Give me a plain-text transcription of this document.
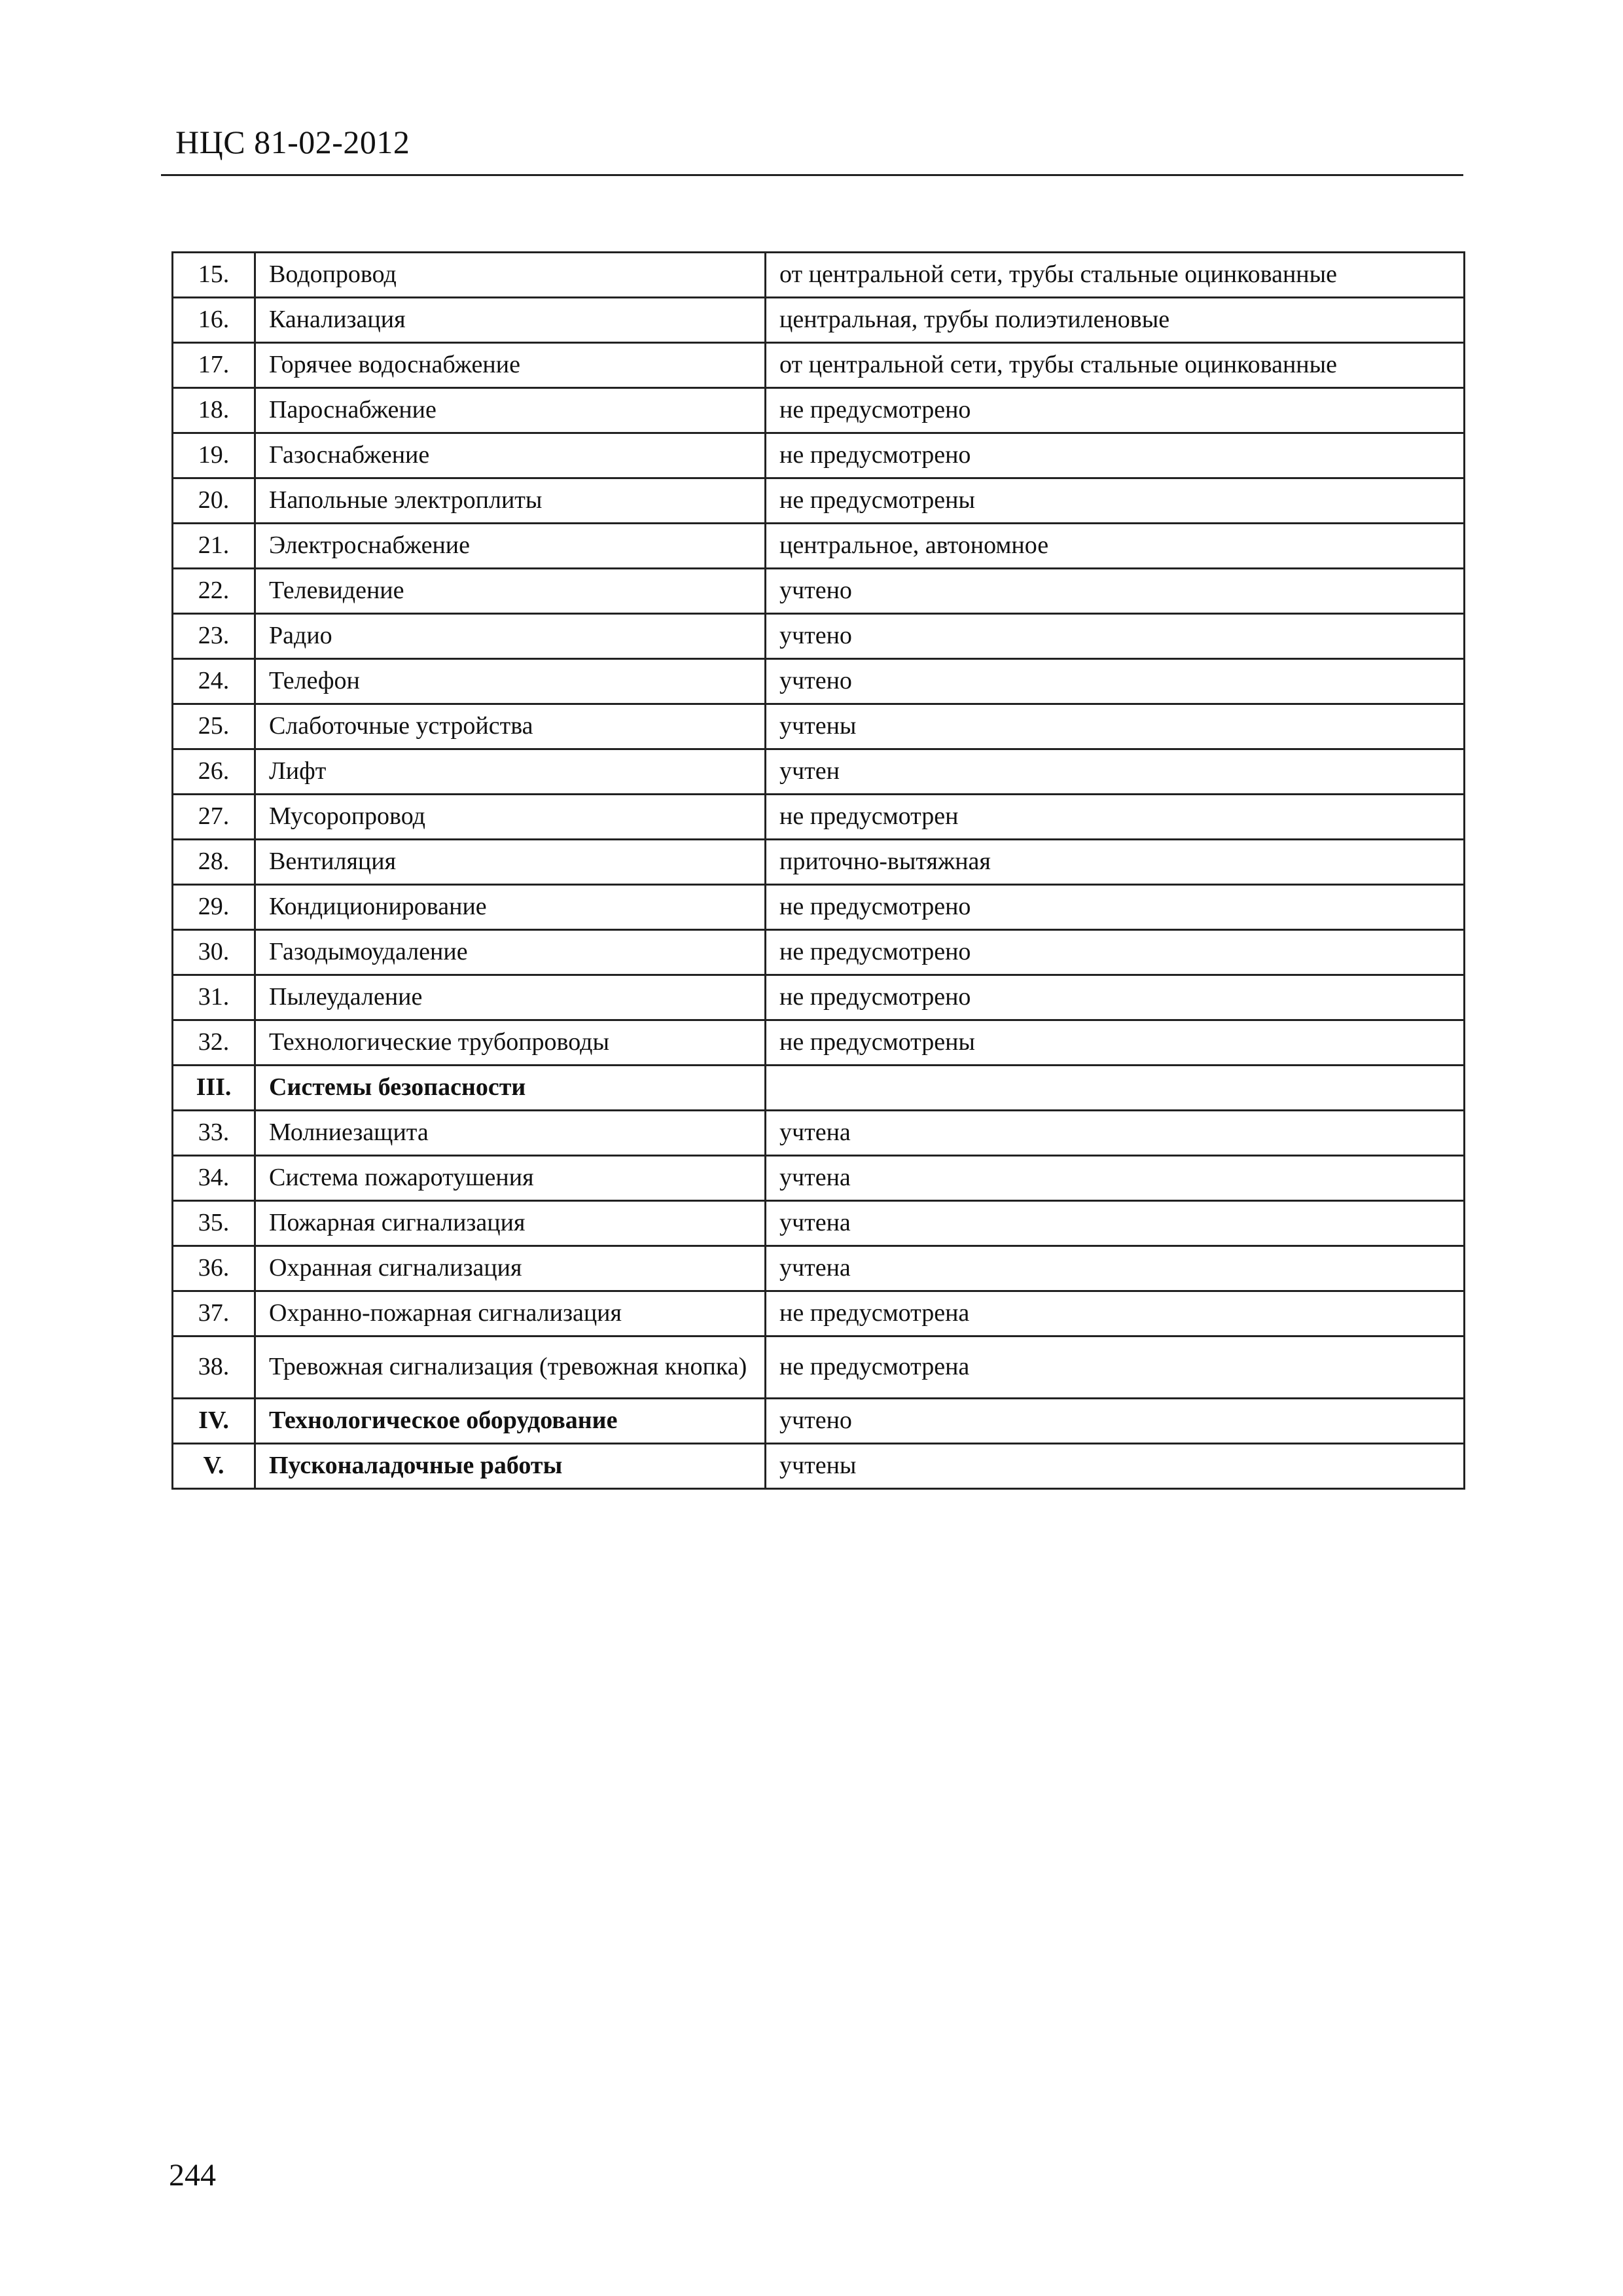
НЦС 81-02-2012
15.	Водопровод	от центральной сети, трубы стальные оцинкованные
16.	Канализация	центральная, трубы полиэтиленовые
17.	Горячее водоснабжение	от центральной сети, трубы стальные оцинкованные
18.	Пароснабжение	не предусмотрено
19.	Газоснабжение	не предусмотрено
20.	Напольные электроплиты	не предусмотрены
21.	Электроснабжение	центральное, автономное
22.	Телевидение	учтено
23.	Радио	учтено
24.	Телефон	учтено
25.	Слаботочные устройства	учтены
26.	Лифт	учтен
27.	Мусоропровод	не предусмотрен
28.	Вентиляция	приточно-вытяжная
29.	Кондиционирование	не предусмотрено
30.	Газодымоудаление	не предусмотрено
31.	Пылеудаление	не предусмотрено
32.	Технологические трубопроводы	не предусмотрены
III.	Системы безопасности	
33.	Молниезащита	учтена
34.	Система пожаротушения	учтена
35.	Пожарная сигнализация	учтена
36.	Охранная сигнализация	учтена
37.	Охранно-пожарная сигнализация	не предусмотрена
38.	Тревожная сигнализация (тревожная кнопка)	не предусмотрена
IV.	Технологическое оборудование	учтено
V.	Пусконаладочные работы	учтены
244
